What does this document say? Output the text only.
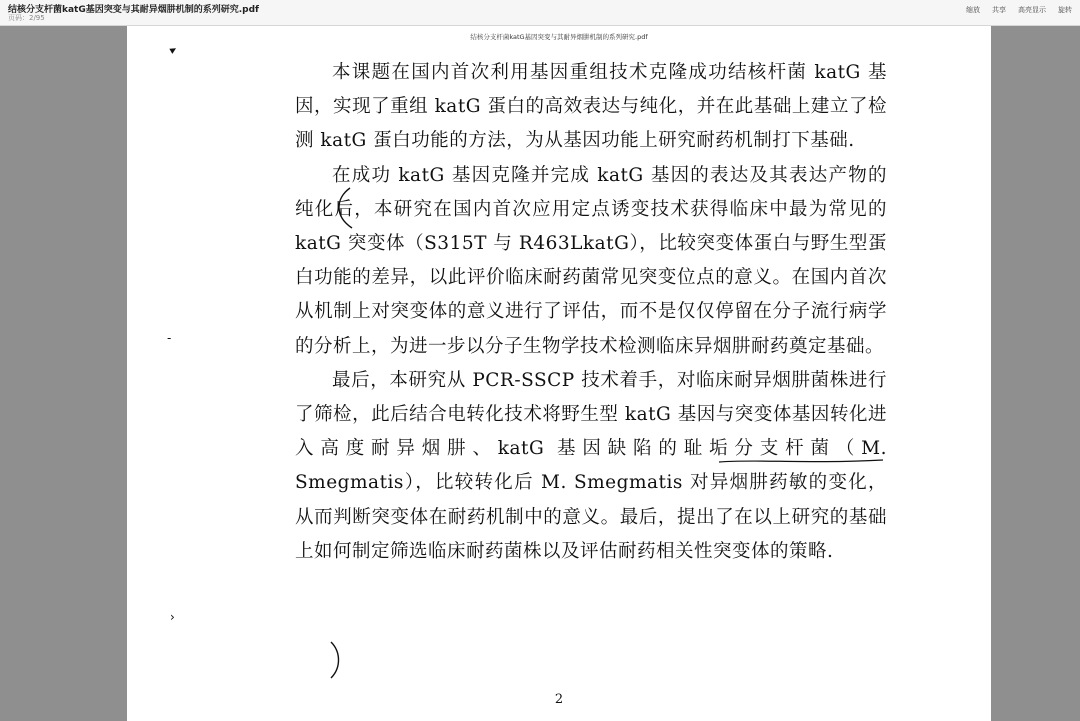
结核分支杆菌katG基因突变与其耐异烟肼机制的系列研究.pdf
页码：2/95
缩放 共享 高亮显示 旋转
结核分支杆菌katG基因突变与其耐异烟肼机制的系列研究.pdf
▸
‑
›

本课题在国内首次利用基因重组技术克隆成功结核杆菌 katG 基因，实现了重组 katG 蛋白的高效表达与纯化，并在此基础上建立了检测 katG 蛋白功能的方法，为从基因功能上研究耐药机制打下基础.

在成功 katG 基因克隆并完成 katG 基因的表达及其表达产物的纯化后，本研究在国内首次应用定点诱变技术获得临床中最为常见的 katG 突变体（S315T 与 R463LkatG），比较突变体蛋白与野生型蛋白功能的差异，以此评价临床耐药菌常见突变位点的意义。在国内首次从机制上对突变体的意义进行了评估，而不是仅仅停留在分子流行病学的分析上，为进一步以分子生物学技术检测临床异烟肼耐药奠定基础。

最后，本研究从 PCR-SSCP 技术着手，对临床耐异烟肼菌株进行了筛检，此后结合电转化技术将野生型 katG 基因与突变体基因转化进入高度耐异烟肼、katG 基因缺陷的耻垢分支杆菌（M. Smegmatis），比较转化后 M. Smegmatis 对异烟肼药敏的变化，从而判断突变体在耐药机制中的意义。最后，提出了在以上研究的基础上如何制定筛选临床耐药菌株以及评估耐药相关性突变体的策略.

2
